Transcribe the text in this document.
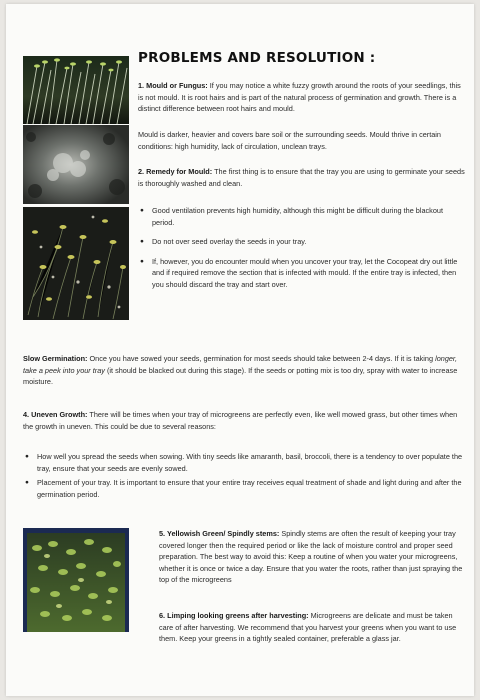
PROBLEMS AND RESOLUTION :

1. Mould or Fungus: If you may notice a white fuzzy growth around the roots of your seedlings, this is not mould. It is root hairs and is part of the natural process of germination and growth. There is a distinct difference between root hairs and mould.

Mould is darker, heavier and covers bare soil or the surrounding seeds. Mould thrive in certain conditions: high humidity, lack of circulation, unclean trays.

2. Remedy for Mould: The first thing is to ensure that the tray you are using to germinate your seeds is thoroughly washed and clean.

● Good ventilation prevents high humidity, although this might be difficult during the blackout period.
● Do not over seed overlay the seeds in your tray.
● If, however, you do encounter mould when you uncover your tray, let the Cocopeat dry out little and if required remove the section that is infected with mould. If the entire tray is infected, then you should discard the tray and start over.

Slow Germination: Once you have sowed your seeds, germination for most seeds should take between 2-4 days. If it is taking longer, take a peek into your tray (it should be blacked out during this stage). If the seeds or potting mix is too dry, spray with water to increase moisture.

4. Uneven Growth: There will be times when your tray of microgreens are perfectly even, like well mowed grass, but other times when the growth in uneven. This could be due to several reasons:

● How well you spread the seeds when sowing. With tiny seeds like amaranth, basil, broccoli, there is a tendency to over populate the tray, ensure that your seeds are evenly sowed.
● Placement of your tray. It is important to ensure that your entire tray receives equal treatment of shade and light during and after the germination period.

5. Yellowish Green/ Spindly stems: Spindly stems are often the result of keeping your tray covered longer then the required period or like the lack of moisture control and proper seed preparation. The best way to avoid this: Keep a routine of when you water your microgreens, whether it is once or twice a day. Ensure that you water the roots, rather than just spraying the top of the microgreens

6. Limping looking greens after harvesting: Microgreens are delicate and must be taken care of after harvesting. We recommend that you harvest your greens when you want to use them. Keep your greens in a tightly sealed container, preferable a glass jar.
